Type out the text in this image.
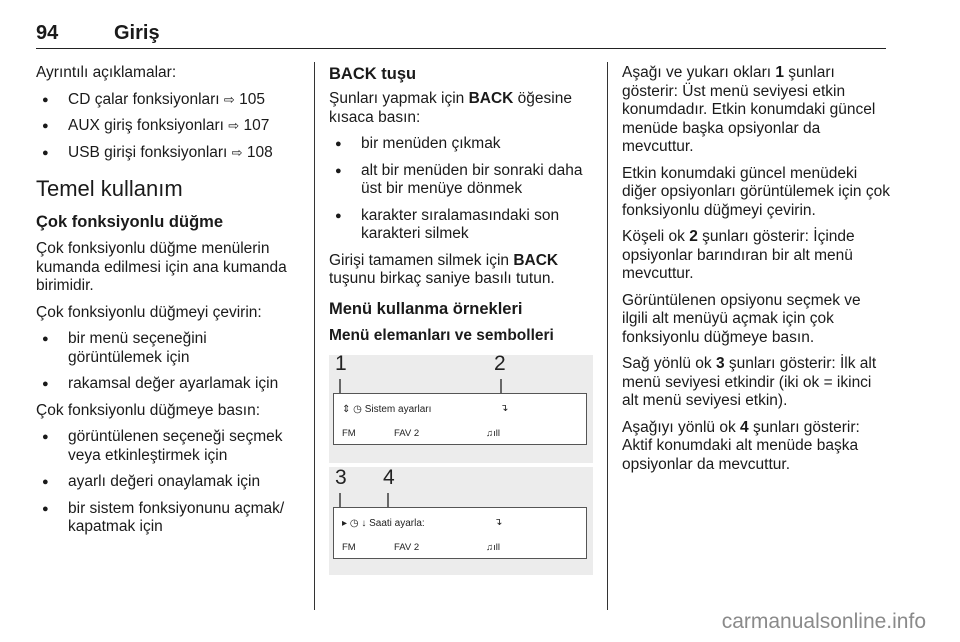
94	Giriş

Ayrıntılı açıklamalar:

● CD çalar fonksiyonları ⇨ 105
● AUX giriş fonksiyonları ⇨ 107
● USB girişi fonksiyonları ⇨ 108
Temel kullanım
Çok fonksiyonlu düğme

Çok fonksiyonlu düğme menülerin kumanda edilmesi için ana kumanda birimidir.

Çok fonksiyonlu düğmeyi çevirin:

● bir menü seçeneğini görüntülemek için
● rakamsal değer ayarlamak için

Çok fonksiyonlu düğmeye basın:

● görüntülenen seçeneği seçmek veya etkinleştirmek için
● ayarlı değeri onaylamak için
● bir sistem fonksiyonunu açmak/ kapatmak için
BACK tuşu

Şunları yapmak için BACK öğesine kısaca basın:

● bir menüden çıkmak
● alt bir menüden bir sonraki daha üst bir menüye dönmek
● karakter sıralamasındaki son karakteri silmek

Girişi tamamen silmek için BACK tuşunu birkaç saniye basılı tutun.

Menü kullanma örnekleri
Menü elemanları ve sembolleri
1	2
3 4
⇕ ◷ Sistem ayarları	↴
FM	FAV 2	♫ıll
▸ ◷ ↓ Saati ayarla:	↴
FM	FAV 2	♫ıll

Aşağı ve yukarı okları 1 şunları gösterir: Üst menü seviyesi etkin konumdadır. Etkin konumdaki güncel menüde başka opsiyonlar da mevcuttur.

Etkin konumdaki güncel menüdeki diğer opsiyonları görüntülemek için çok fonksiyonlu düğmeyi çevirin.

Köşeli ok 2 şunları gösterir: İçinde opsiyonlar barındıran bir alt menü mevcuttur.

Görüntülenen opsiyonu seçmek ve ilgili alt menüyü açmak için çok fonksiyonlu düğmeye basın.

Sağ yönlü ok 3 şunları gösterir: İlk alt menü seviyesi etkindir (iki ok = ikinci alt menü seviyesi etkin).

Aşağıyı yönlü ok 4 şunları gösterir: Aktif konumdaki alt menüde başka opsiyonlar da mevcuttur.

carmanualsonline.info
